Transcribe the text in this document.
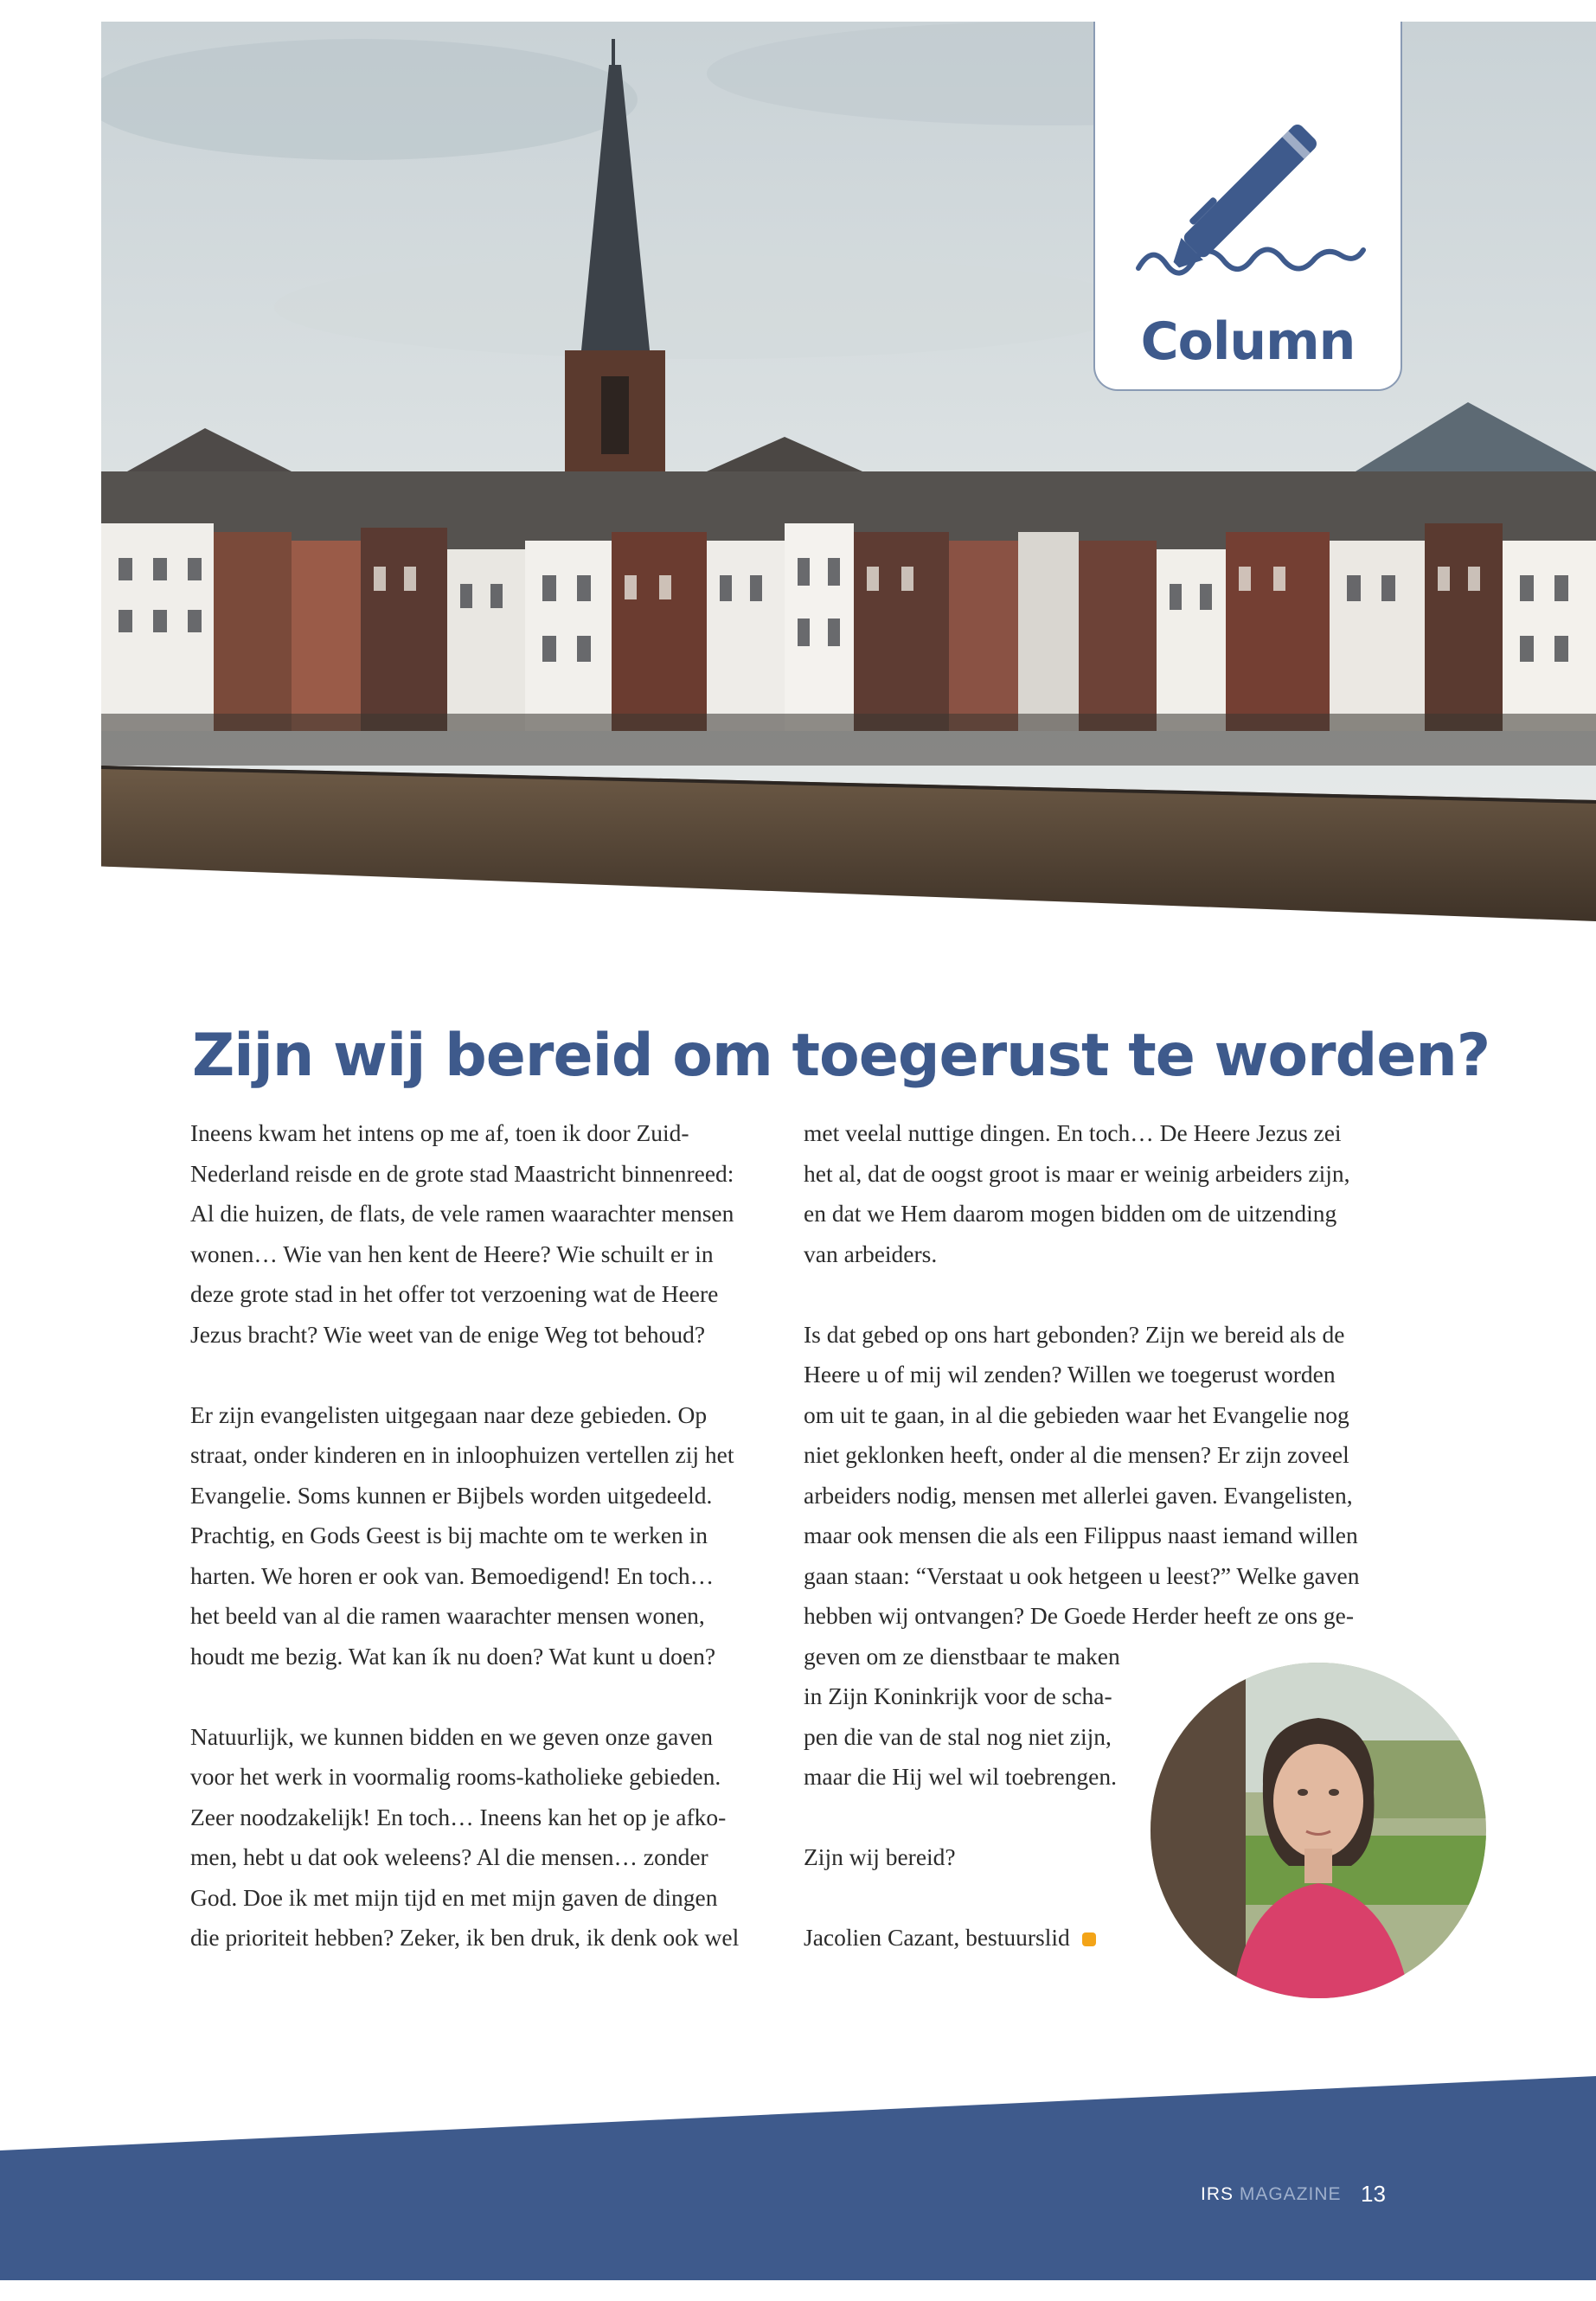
Column
Zijn wij bereid om toegerust te worden?

Ineens kwam het intens op me af, toen ik door Zuid-
Nederland reisde en de grote stad Maastricht binnenreed:
Al die huizen, de flats, de vele ramen waarachter mensen
wonen… Wie van hen kent de Heere? Wie schuilt er in
deze grote stad in het offer tot verzoening wat de Heere
Jezus bracht? Wie weet van de enige Weg tot behoud?

Er zijn evangelisten uitgegaan naar deze gebieden. Op
straat, onder kinderen en in inloophuizen vertellen zij het
Evangelie. Soms kunnen er Bijbels worden uitgedeeld.
Prachtig, en Gods Geest is bij machte om te werken in
harten. We horen er ook van. Bemoedigend! En toch…
het beeld van al die ramen waarachter mensen wonen,
houdt me bezig. Wat kan ík nu doen? Wat kunt u doen?

Natuurlijk, we kunnen bidden en we geven onze gaven
voor het werk in voormalig rooms-katholieke gebieden.
Zeer noodzakelijk! En toch… Ineens kan het op je afko-
men, hebt u dat ook weleens? Al die mensen… zonder
God. Doe ik met mijn tijd en met mijn gaven de dingen
die prioriteit hebben? Zeker, ik ben druk, ik denk ook wel

met veelal nuttige dingen. En toch… De Heere Jezus zei
het al, dat de oogst groot is maar er weinig arbeiders zijn,
en dat we Hem daarom mogen bidden om de uitzending
van arbeiders.

Is dat gebed op ons hart gebonden? Zijn we bereid als de
Heere u of mij wil zenden? Willen we toegerust worden
om uit te gaan, in al die gebieden waar het Evangelie nog
niet geklonken heeft, onder al die mensen? Er zijn zoveel
arbeiders nodig, mensen met allerlei gaven. Evangelisten,
maar ook mensen die als een Filippus naast iemand willen
gaan staan: “Verstaat u ook hetgeen u leest?” Welke gaven
hebben wij ontvangen? De Goede Herder heeft ze ons ge-
geven om ze dienstbaar te maken
in Zijn Koninkrijk voor de scha-
pen die van de stal nog niet zijn,
maar die Hij wel wil toebrengen.

Zijn wij bereid?

Jacolien Cazant, bestuurslid

IRS MAGAZINE 13
